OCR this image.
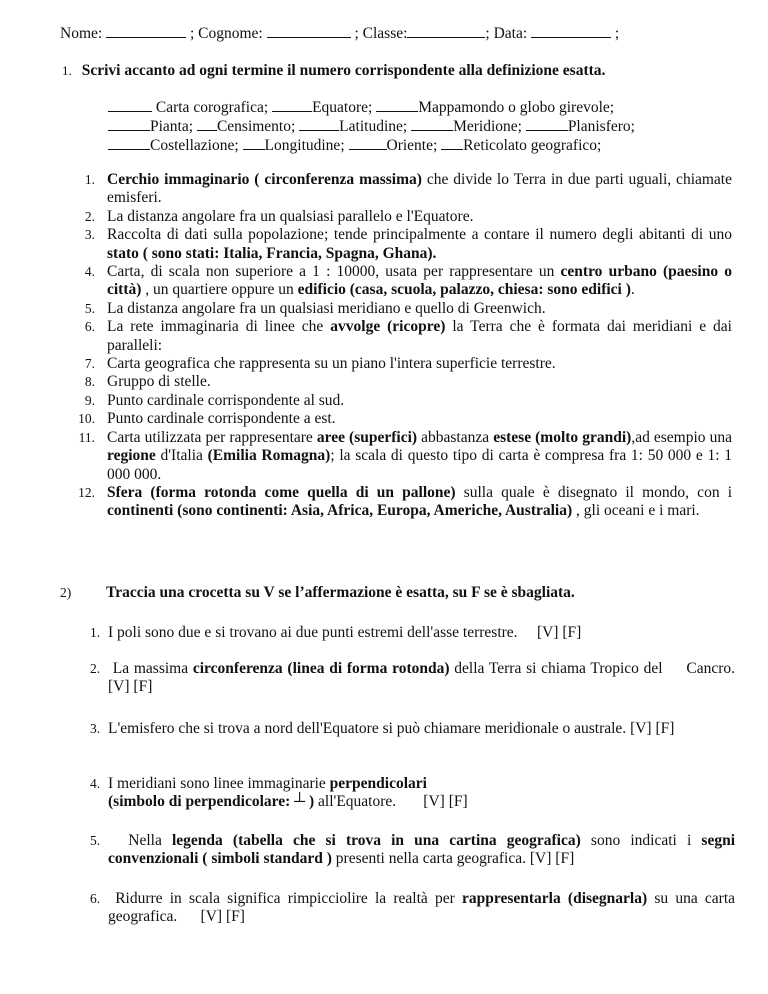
Nome:	; Cognome:	; Classe:	; Data:	;
1. Scrivi accanto ad ogni termine il numero corrispondente alla definizione esatta.
Carta corografica;	Equatore;	Mappamondo o globo girevole;
Pianta; Censimento;	Latitudine;	Meridione;	Planisfero;
Costellazione; Longitudine; Oriente; Reticolato geografico;
1. Cerchio immaginario ( circonferenza massima) che divide lo Terra in due parti uguali, chiamate emisferi.
2. La distanza angolare fra un qualsiasi parallelo e l'Equatore.
3. Raccolta di dati sulla popolazione; tende principalmente a contare il numero degli abitanti di uno stato ( sono stati: Italia, Francia, Spagna, Ghana).
4. Carta, di scala non superiore a 1 : 10000, usata per rappresentare un centro urbano (paesino o città) , un quartiere oppure un edificio (casa, scuola, palazzo, chiesa: sono edifici ).
5. La distanza angolare fra un qualsiasi meridiano e quello di Greenwich.
6. La rete immaginaria di linee che avvolge (ricopre) la Terra che è formata dai meridiani e dai paralleli:
7. Carta geografica che rappresenta su un piano l'intera superficie terrestre.
8. Gruppo di stelle.
9. Punto cardinale corrispondente al sud.
10. Punto cardinale corrispondente a est.
11. Carta utilizzata per rappresentare aree (superfici) abbastanza estese (molto grandi),ad esempio una regione d'Italia (Emilia Romagna); la scala di questo tipo di carta è compresa fra 1: 50 000 e 1: 1 000 000.
12. Sfera (forma rotonda come quella di un pallone) sulla quale è disegnato il mondo, con i continenti (sono continenti: Asia, Africa, Europa, Americhe, Australia) , gli oceani e i mari.
2) Traccia una crocetta su V se l’affermazione è esatta, su F se è sbagliata.
1. I poli sono due e si trovano ai due punti estremi dell'asse terrestre.     [V] [F]
2. La massima circonferenza (linea di forma rotonda) della Terra si chiama Tropico del     Cancro.     [V] [F]
3. L'emisfero che si trova a nord dell'Equatore si può chiamare meridionale o australe. [V] [F]
4. I meridiani sono linee immaginarie perpendicolari
(simbolo di perpendicolare: ┴ ) all'Equatore.       [V] [F]
5. Nella legenda (tabella che si trova in una cartina geografica) sono indicati i segni  convenzionali ( simboli standard ) presenti nella carta geografica. [V] [F]
6. Ridurre in scala significa rimpicciolire la realtà per rappresentarla (disegnarla) su una carta geografica.      [V] [F]
